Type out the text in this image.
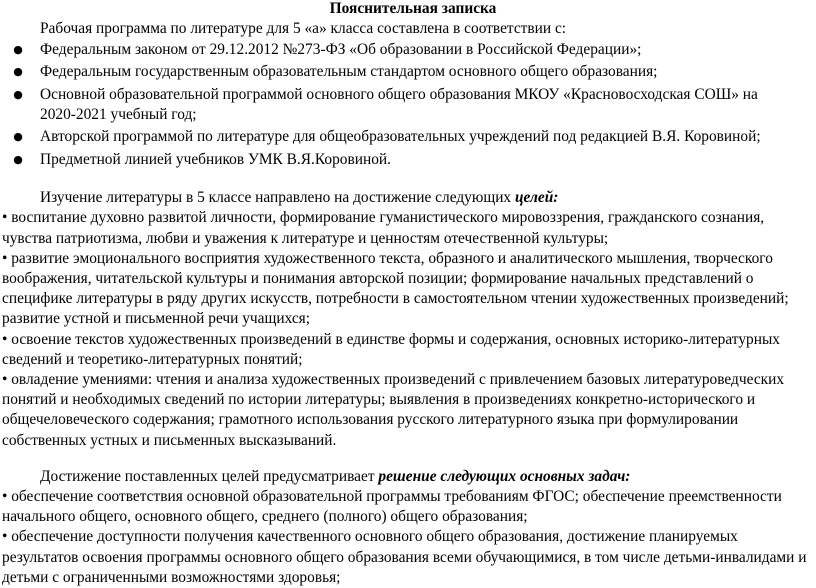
Пояснительная записка

Рабочая программа по литературе для 5 «а» класса составлена в соответствии с:

● Федеральным законом от 29.12.2012 №273-ФЗ «Об образовании в Российской Федерации»;
● Федеральным государственным образовательным стандартом основного общего образования;
● Основной образовательной программой основного общего образования МКОУ «Красновосходская СОШ» на 2020-2021 учебный год;
● Авторской программой по литературе для общеобразовательных учреждений под редакцией В.Я. Коровиной;
● Предметной линией учебников УМК В.Я.Коровиной.

Изучение литературы в 5 классе направлено на достижение следующих целей:

• воспитание духовно развитой личности, формирование гуманистического мировоззрения, гражданского сознания, чувства патриотизма, любви и уважения к литературе и ценностям отечественной культуры;

• развитие эмоционального восприятия художественного текста, образного и аналитического мышления, творческого воображения, читательской культуры и понимания авторской позиции; формирование начальных представлений о специфике литературы в ряду других искусств, потребности в самостоятельном чтении художественных произведений; развитие устной и письменной речи учащихся;

• освоение текстов художественных произведений в единстве формы и содержания, основных историко-литературных сведений и теоретико-литературных понятий;

• овладение умениями: чтения и анализа художественных произведений с привлечением базовых литературоведческих понятий и необходимых сведений по истории литературы; выявления в произведениях конкретно-исторического и общечеловеческого содержания; грамотного использования русского литературного языка при формулировании собственных устных и письменных высказываний.

Достижение поставленных целей предусматривает решение следующих основных задач:

• обеспечение соответствия основной образовательной программы требованиям ФГОС; обеспечение преемственности начального общего, основного общего, среднего (полного) общего образования;

• обеспечение доступности получения качественного основного общего образования, достижение планируемых результатов освоения программы основного общего образования всеми обучающимися, в том числе детьми-инвалидами и детьми с ограниченными возможностями здоровья;
